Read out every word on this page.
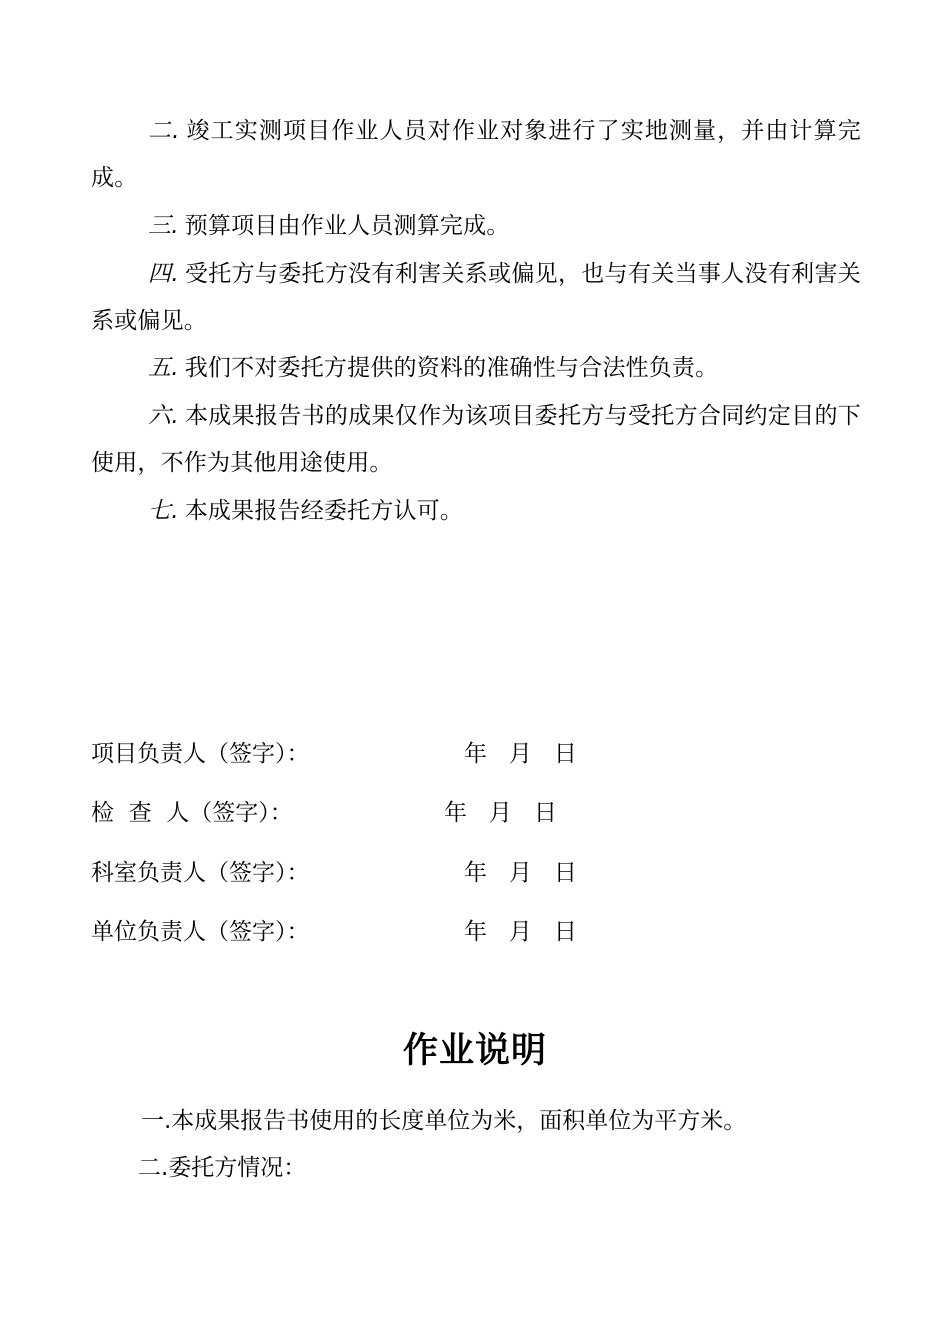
二. 竣工实测项目作业人员对作业对象进行了实地测量，并由计算完成。

三. 预算项目由作业人员测算完成。

四. 受托方与委托方没有利害关系或偏见，也与有关当事人没有利害关系或偏见。

五. 我们不对委托方提供的资料的准确性与合法性负责。

六. 本成果报告书的成果仅作为该项目委托方与受托方合同约定目的下使用，不作为其他用途使用。

七. 本成果报告经委托方认可。

项目负责人（签字）：	年   月   日
检  查  人（签字）：	年   月   日
科室负责人（签字）：	年   月   日
单位负责人（签字）：	年   月   日
作业说明
一.本成果报告书使用的长度单位为米，面积单位为平方米。
二.委托方情况：
